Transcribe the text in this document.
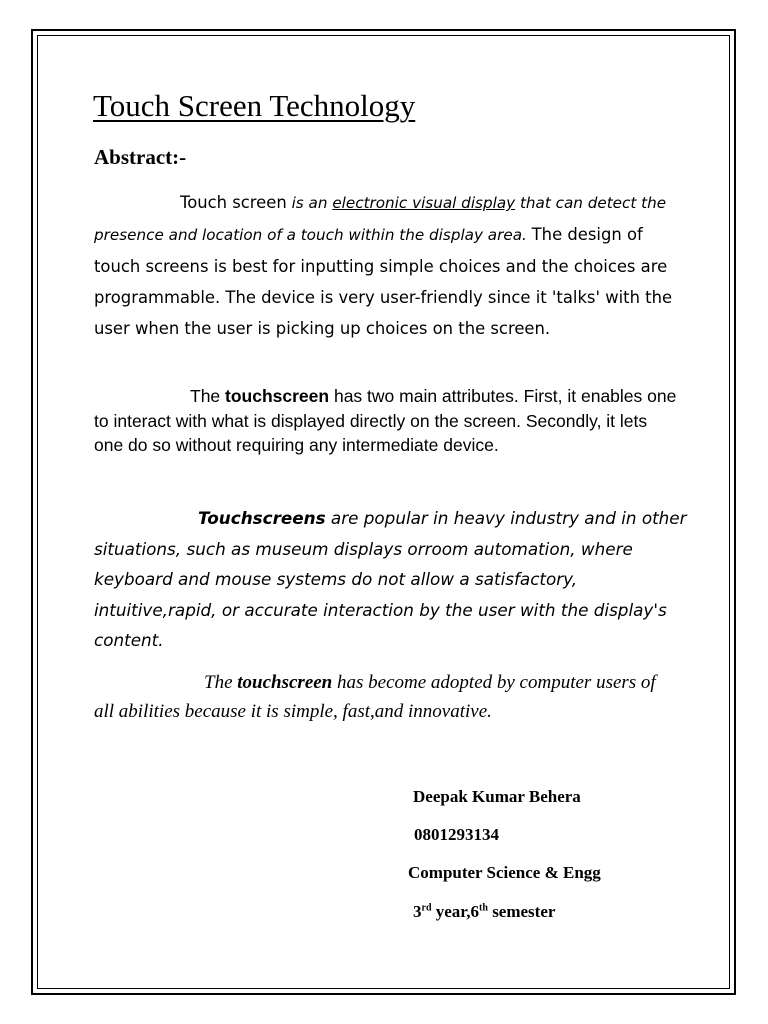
Touch Screen Technology
Abstract:-
Touch screen is an electronic visual display that can detect the presence and location of a touch within the display area. The design of touch screens is best for inputting simple choices and the choices are programmable. The device is very user-friendly since it 'talks' with the user when the user is picking up choices on the screen.
The touchscreen has two main attributes. First, it enables one to interact with what is displayed directly on the screen. Secondly, it lets one do so without requiring any intermediate device.
Touchscreens are popular in heavy industry and in other situations, such as museum displays orroom automation, where keyboard and mouse systems do not allow a satisfactory, intuitive,rapid, or accurate interaction by the user with the display's content.
The touchscreen has become adopted by computer users of all abilities because it is simple, fast,and innovative.
Deepak Kumar Behera
0801293134
Computer Science & Engg
3rd year,6th semester
